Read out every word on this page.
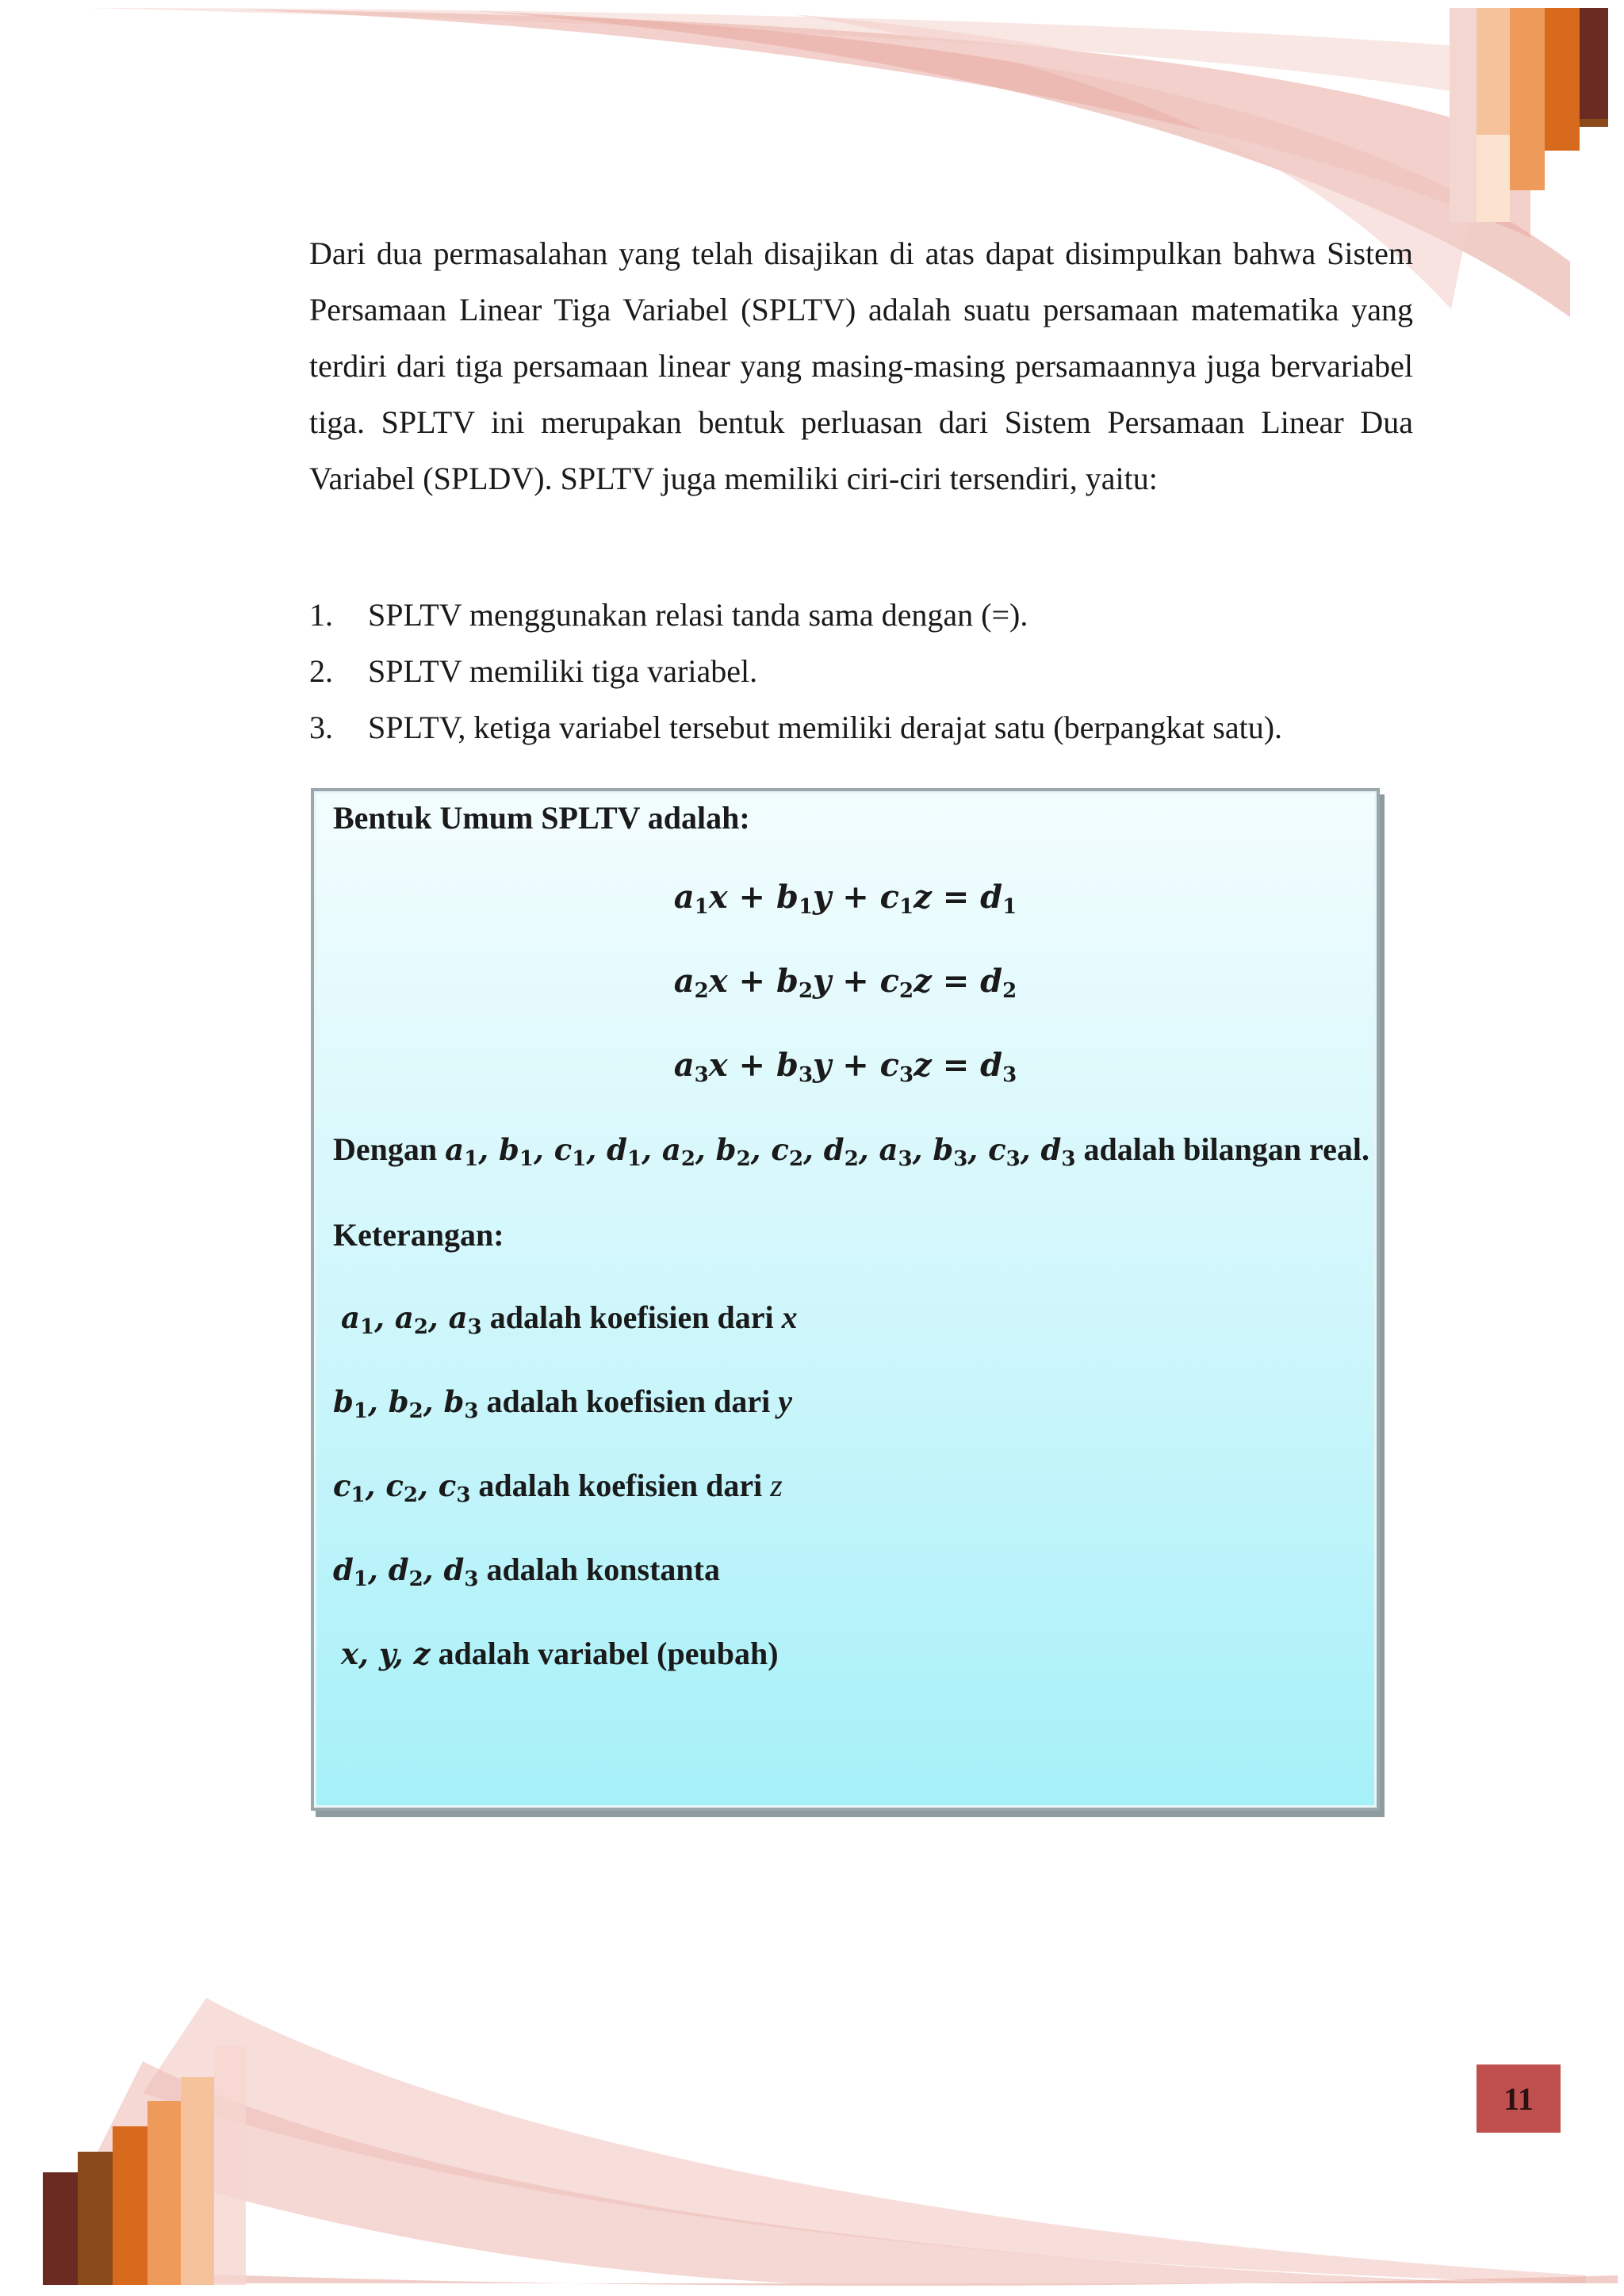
Dari dua permasalahan yang telah disajikan di atas dapat disimpulkan bahwa Sistem Persamaan Linear Tiga Variabel (SPLTV) adalah suatu persamaan matematika yang terdiri dari tiga persamaan linear yang masing-masing persamaannya juga bervariabel tiga. SPLTV ini merupakan bentuk perluasan dari Sistem Persamaan Linear Dua Variabel (SPLDV). SPLTV juga memiliki ciri-ciri tersendiri, yaitu:

1.	SPLTV menggunakan relasi tanda sama dengan (=).
2.	SPLTV memiliki tiga variabel.
3.	SPLTV, ketiga variabel tersebut memiliki derajat satu (berpangkat satu).
Bentuk Umum SPLTV adalah:
$a_1x + b_1y + c_1z = d_1$
$a_2x + b_2y + c_2z = d_2$
$a_3x + b_3y + c_3z = d_3$
Dengan $a_1$, $b_1$, $c_1$, $d_1$, $a_2$, $b_2$, $c_2$, $d_2$, $a_3$, $b_3$, $c_3$, $d_3$ adalah bilangan real.
Keterangan:
$a_1$, $a_2$, $a_3$ adalah koefisien dari x
$b_1$, $b_2$, $b_3$ adalah koefisien dari y
$c_1$, $c_2$, $c_3$ adalah koefisien dari z
$d_1$, $d_2$, $d_3$ adalah konstanta
x, y, z adalah variabel (peubah)
11
